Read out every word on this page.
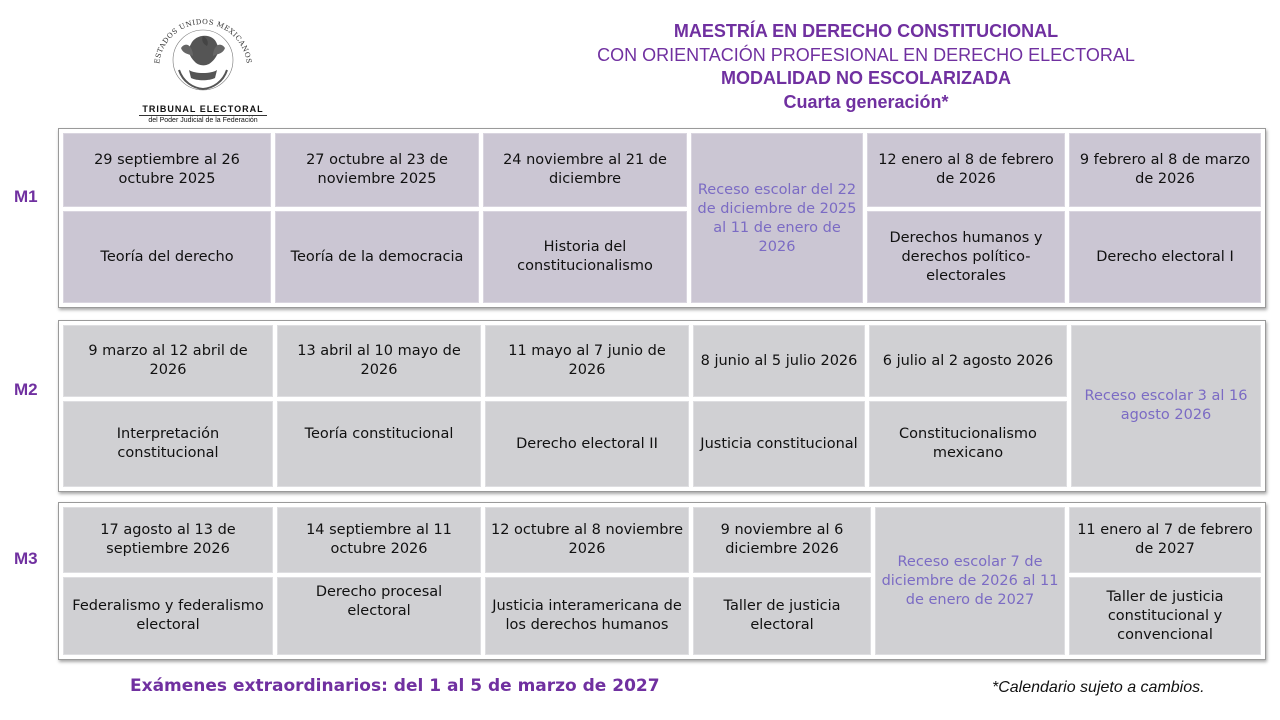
ESTADOS UNIDOS MEXICANOS
TRIBUNAL ELECTORAL
del Poder Judicial de la Federación
MAESTRÍA EN DERECHO CONSTITUCIONAL
CON ORIENTACIÓN PROFESIONAL EN DERECHO ELECTORAL
MODALIDAD NO ESCOLARIZADA
Cuarta generación*
M1
M2
M3
29 septiembre al 26 octubre 2025
Teoría del derecho
27 octubre al 23 de noviembre 2025
Teoría de la democracia
24 noviembre al 21 de diciembre
Historia del constitucionalismo
Receso escolar del 22 de diciembre de 2025 al 11 de enero de 2026
12 enero al 8 de febrero de 2026
Derechos humanos y derechos político-electorales
9 febrero al 8 de marzo de 2026
Derecho electoral I
9 marzo al 12 abril de 2026
Interpretación constitucional
13 abril al 10 mayo de 2026
Teoría constitucional
11 mayo al 7 junio de 2026
Derecho electoral II
8 junio al 5 julio 2026
Justicia constitucional
6 julio al 2 agosto 2026
Constitucionalismo mexicano
Receso escolar 3 al 16 agosto 2026
17 agosto al 13 de septiembre 2026
Federalismo y federalismo electoral
14 septiembre al 11 octubre 2026
Derecho procesal electoral
12 octubre al 8 noviembre 2026
Justicia interamericana de los derechos humanos
9 noviembre al 6 diciembre 2026
Taller de justicia electoral
Receso escolar 7 de diciembre de 2026 al 11 de enero de 2027
11 enero al 7 de febrero de 2027
Taller de justicia constitucional y convencional
Exámenes extraordinarios: del 1 al 5 de marzo de 2027	*Calendario sujeto a cambios.
